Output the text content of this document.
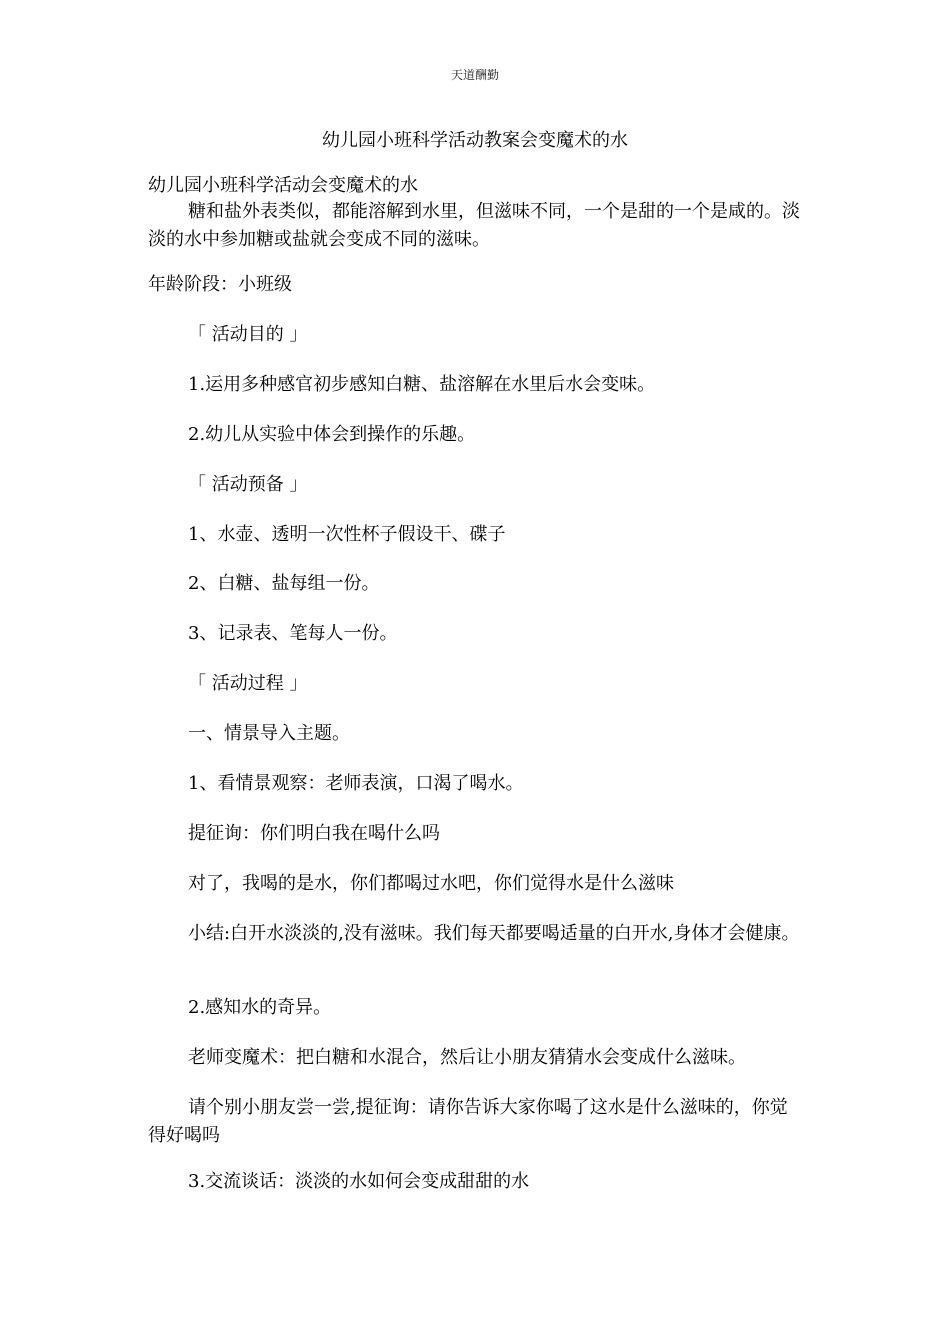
天道酬勤
幼儿园小班科学活动教案会变魔术的水
幼儿园小班科学活动会变魔术的水
糖和盐外表类似，都能溶解到水里，但滋味不同，一个是甜的一个是咸的。淡淡的水中参加糖或盐就会变成不同的滋味。
年龄阶段：小班级
「 活动目的 」
1.运用多种感官初步感知白糖、盐溶解在水里后水会变味。
2.幼儿从实验中体会到操作的乐趣。
「 活动预备 」
1、水壶、透明一次性杯子假设干、碟子
2、白糖、盐每组一份。
3、记录表、笔每人一份。
「 活动过程 」
一、情景导入主题。
1、看情景观察：老师表演，口渴了喝水。
提征询：你们明白我在喝什么吗
对了，我喝的是水，你们都喝过水吧，你们觉得水是什么滋味
小结:白开水淡淡的,没有滋味。我们每天都要喝适量的白开水,身体才会健康。
2.感知水的奇异。
老师变魔术：把白糖和水混合，然后让小朋友猜猜水会变成什么滋味。
请个别小朋友尝一尝,提征询：请你告诉大家你喝了这水是什么滋味的，你觉得好喝吗
3.交流谈话：淡淡的水如何会变成甜甜的水
